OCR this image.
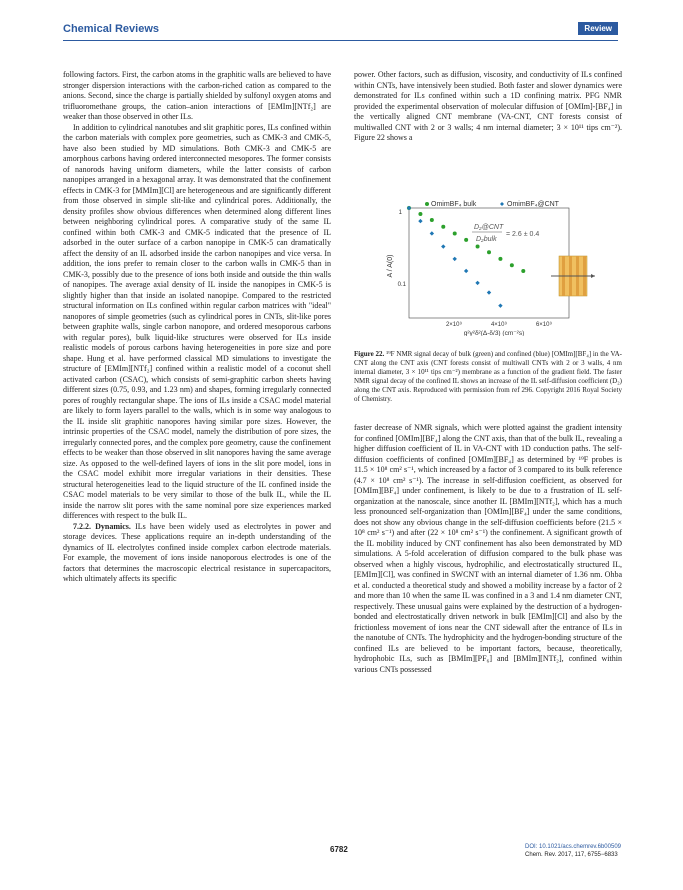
Chemical Reviews	Review

following factors. First, the carbon atoms in the graphitic walls are believed to have stronger dispersion interactions with the carbon-riched cation as compared to the anions. Second, since the charge is partially shielded by sulfonyl oxygen atoms and trifluoromethane groups, the cation–anion interactions of [EMIm][NTf₂] are weaker than those observed in other ILs.

In addition to cylindrical nanotubes and slit graphitic pores, ILs confined within the carbon materials with complex pore geometries, such as CMK-3 and CMK-5, have also been studied by MD simulations. Both CMK-3 and CMK-5 are amorphous carbons having ordered interconnected mesopores. The former consists of nanorods having uniform diameters, while the latter consists of carbon nanopipes arranged in a hexagonal array. It was demonstrated that the confinement effects in CMK-3 for [MMIm][Cl] are heterogeneous and are significantly different from those observed in simple slit-like and cylindrical pores. Additionally, the density profiles show obvious differences when determined along different lines between neighboring cylindrical pores. A comparative study of the same IL confined within both CMK-3 and CMK-5 indicated that the presence of IL adsorbed in the outer surface of a carbon nanopipe in CMK-5 can dramatically affect the density of an IL adsorbed inside the carbon nanopipes and vice versa. In addition, the ions prefer to remain closer to the carbon walls in CMK-5 than in CMK-3, possibly due to the presence of ions both inside and outside the thin walls of nanopipes. The average axial density of IL inside the nanopipes in CMK-5 is slightly higher than that inside an isolated nanopipe. Compared to the restricted structural information on ILs confined within regular carbon matrices with "ideal" nanopores of simple geometries (such as cylindrical pores in CNTs, slit-like pores between graphite walls, single carbon nanopore, and ordered mesoporous carbons with regular pores), bulk liquid-like structures were observed for ILs inside realistic models of porous carbons having heterogeneities in pore size and pore shape. Hung et al. have performed classical MD simulations to investigate the structure of [EMIm][NTf₂] confined within a realistic model of a coconut shell activated carbon (CSAC), which consists of semi-graphitic carbon sheets having different sizes (0.75, 0.93, and 1.23 nm) and shapes, forming irregularly connected pores of roughly rectangular shape. The ions of ILs inside a CSAC model material are likely to form layers parallel to the walls, which is in some way analogous to the IL inside slit graphitic nanopores having similar pore sizes. However, the intrinsic properties of the CSAC model, namely the distribution of pore sizes, the irregularly connected pores, and the complex pore geometry, cause the confinement effects to be weaker than those observed in slit nanopores having the same average size. As opposed to the well-defined layers of ions in the slit pore model, ions in the CSAC model exhibit more irregular variations in their densities. These structural heterogeneities lead to the liquid structure of the IL confined inside the CSAC model materials to be very similar to those of the bulk IL, while the IL inside the narrow slit pores with the same nominal pore size experiences marked differences with respect to the bulk IL.

7.2.2. Dynamics. ILs have been widely used as electrolytes in power and storage devices. These applications require an in-depth understanding of the dynamics of IL electrolytes confined inside complex carbon electrode materials. For example, the movement of ions inside nanoporous electrodes is one of the factors that determines the macroscopic electrical resistance in supercapacitors, which ultimately affects its specific

power. Other factors, such as diffusion, viscosity, and conductivity of ILs confined within CNTs, have intensively been studied. Both faster and slower dynamics were demonstrated for ILs confined within such a 1D confining matrix. PFG NMR provided the experimental observation of molecular diffusion of [OMIm]-[BF₄] in the vertically aligned CNT membrane (VA-CNT, CNT forests consist of multiwalled CNT with 2 or 3 walls; 4 nm internal diameter; 3 × 10¹¹ tips cm⁻²). Figure 22 shows a

OmimBF₄ bulk	OmimBF₄@CNT
D₂@CNT
D₂bulk
= 2.6 ± 0.4
1
0.1
A / A(0)
2×10⁹	4×10⁹	6×10⁹
g²γ²δ²(Δ-δ/3) (cm⁻²s)
Figure 22. ¹⁹F NMR signal decay of bulk (green) and confined (blue) [OMIm][BF₄] in the VA-CNT along the CNT axis (CNT forests consist of multiwall CNTs with 2 or 3 walls, 4 nm internal diameter, 3 × 10¹¹ tips cm⁻²) membrane as a function of the gradient field. The faster NMR signal decay of the confined IL shows an increase of the IL self-diffusion coefficient (D₂) along the CNT axis. Reproduced with permission from ref 296. Copyright 2016 Royal Society of Chemistry.

faster decrease of NMR signals, which were plotted against the gradient intensity for confined [OMIm][BF₄] along the CNT axis, than that of the bulk IL, revealing a higher diffusion coefficient of IL in VA-CNT with 1D conduction paths. The self-diffusion coefficients of confined [OMIm][BF₄] as determined by ¹⁹F probes is 11.5 × 10⁸ cm² s⁻¹, which increased by a factor of 3 compared to its bulk reference (4.7 × 10⁸ cm² s⁻¹). The increase in self-diffusion coefficient, as observed for [OMIm][BF₄] under confinement, is likely to be due to a frustration of IL self-organization at the nanoscale, since another IL [BMIm][NTf₂], which has a much less pronounced self-organization than [OMIm][BF₄] under the same conditions, does not show any obvious change in the self-diffusion coefficients before (21.5 × 10⁸ cm² s⁻¹) and after (22 × 10⁸ cm² s⁻¹) the confinement. A significant growth of the IL mobility induced by CNT confinement has also been demonstrated by MD simulations. A 5-fold acceleration of diffusion compared to the bulk phase was observed when a highly viscous, hydrophilic, and electrostatically structured IL, [EMIm][Cl], was confined in SWCNT with an internal diameter of 1.36 nm. Ohba et al. conducted a theoretical study and showed a mobility increase by a factor of 2 and more than 10 when the same IL was confined in a 3 and 1.4 nm diameter CNT, respectively. These unusual gains were explained by the destruction of a hydrogen-bonded and electrostatically driven network in bulk [EMIm][Cl] and also by the frictionless movement of ions near the CNT sidewall after the entrance of ILs in the nanotube of CNTs. The hydrophicity and the hydrogen-bonding structure of the confined ILs are believed to be important factors, because, theoretically, hydrophobic ILs, such as [BMIm][PF₆] and [BMIm][NTf₂], confined within various CNTs possessed

6782	DOI: 10.1021/acs.chemrev.6b00509
Chem. Rev. 2017, 117, 6755−6833
